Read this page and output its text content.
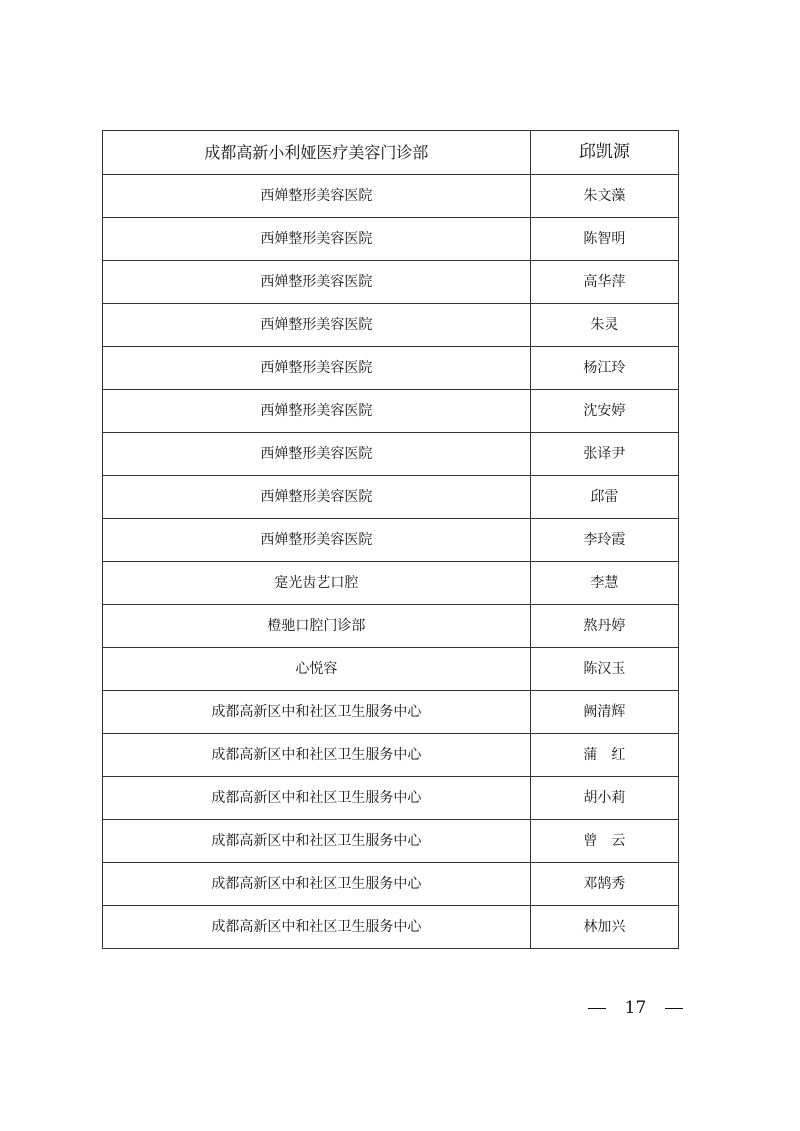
成都高新小利娅医疗美容门诊部	邱凯源
西婵整形美容医院	朱文藻
西婵整形美容医院	陈智明
西婵整形美容医院	高华萍
西婵整形美容医院	朱灵
西婵整形美容医院	杨江玲
西婵整形美容医院	沈安婷
西婵整形美容医院	张译尹
西婵整形美容医院	邱雷
西婵整形美容医院	李玲霞
寔光齿艺口腔	李慧
橙驰口腔门诊部	熬丹婷
心悦容	陈汉玉
成都高新区中和社区卫生服务中心	阙清辉
成都高新区中和社区卫生服务中心	蒲　红
成都高新区中和社区卫生服务中心	胡小莉
成都高新区中和社区卫生服务中心	曾　云
成都高新区中和社区卫生服务中心	邓鹄秀
成都高新区中和社区卫生服务中心	林加兴
17
